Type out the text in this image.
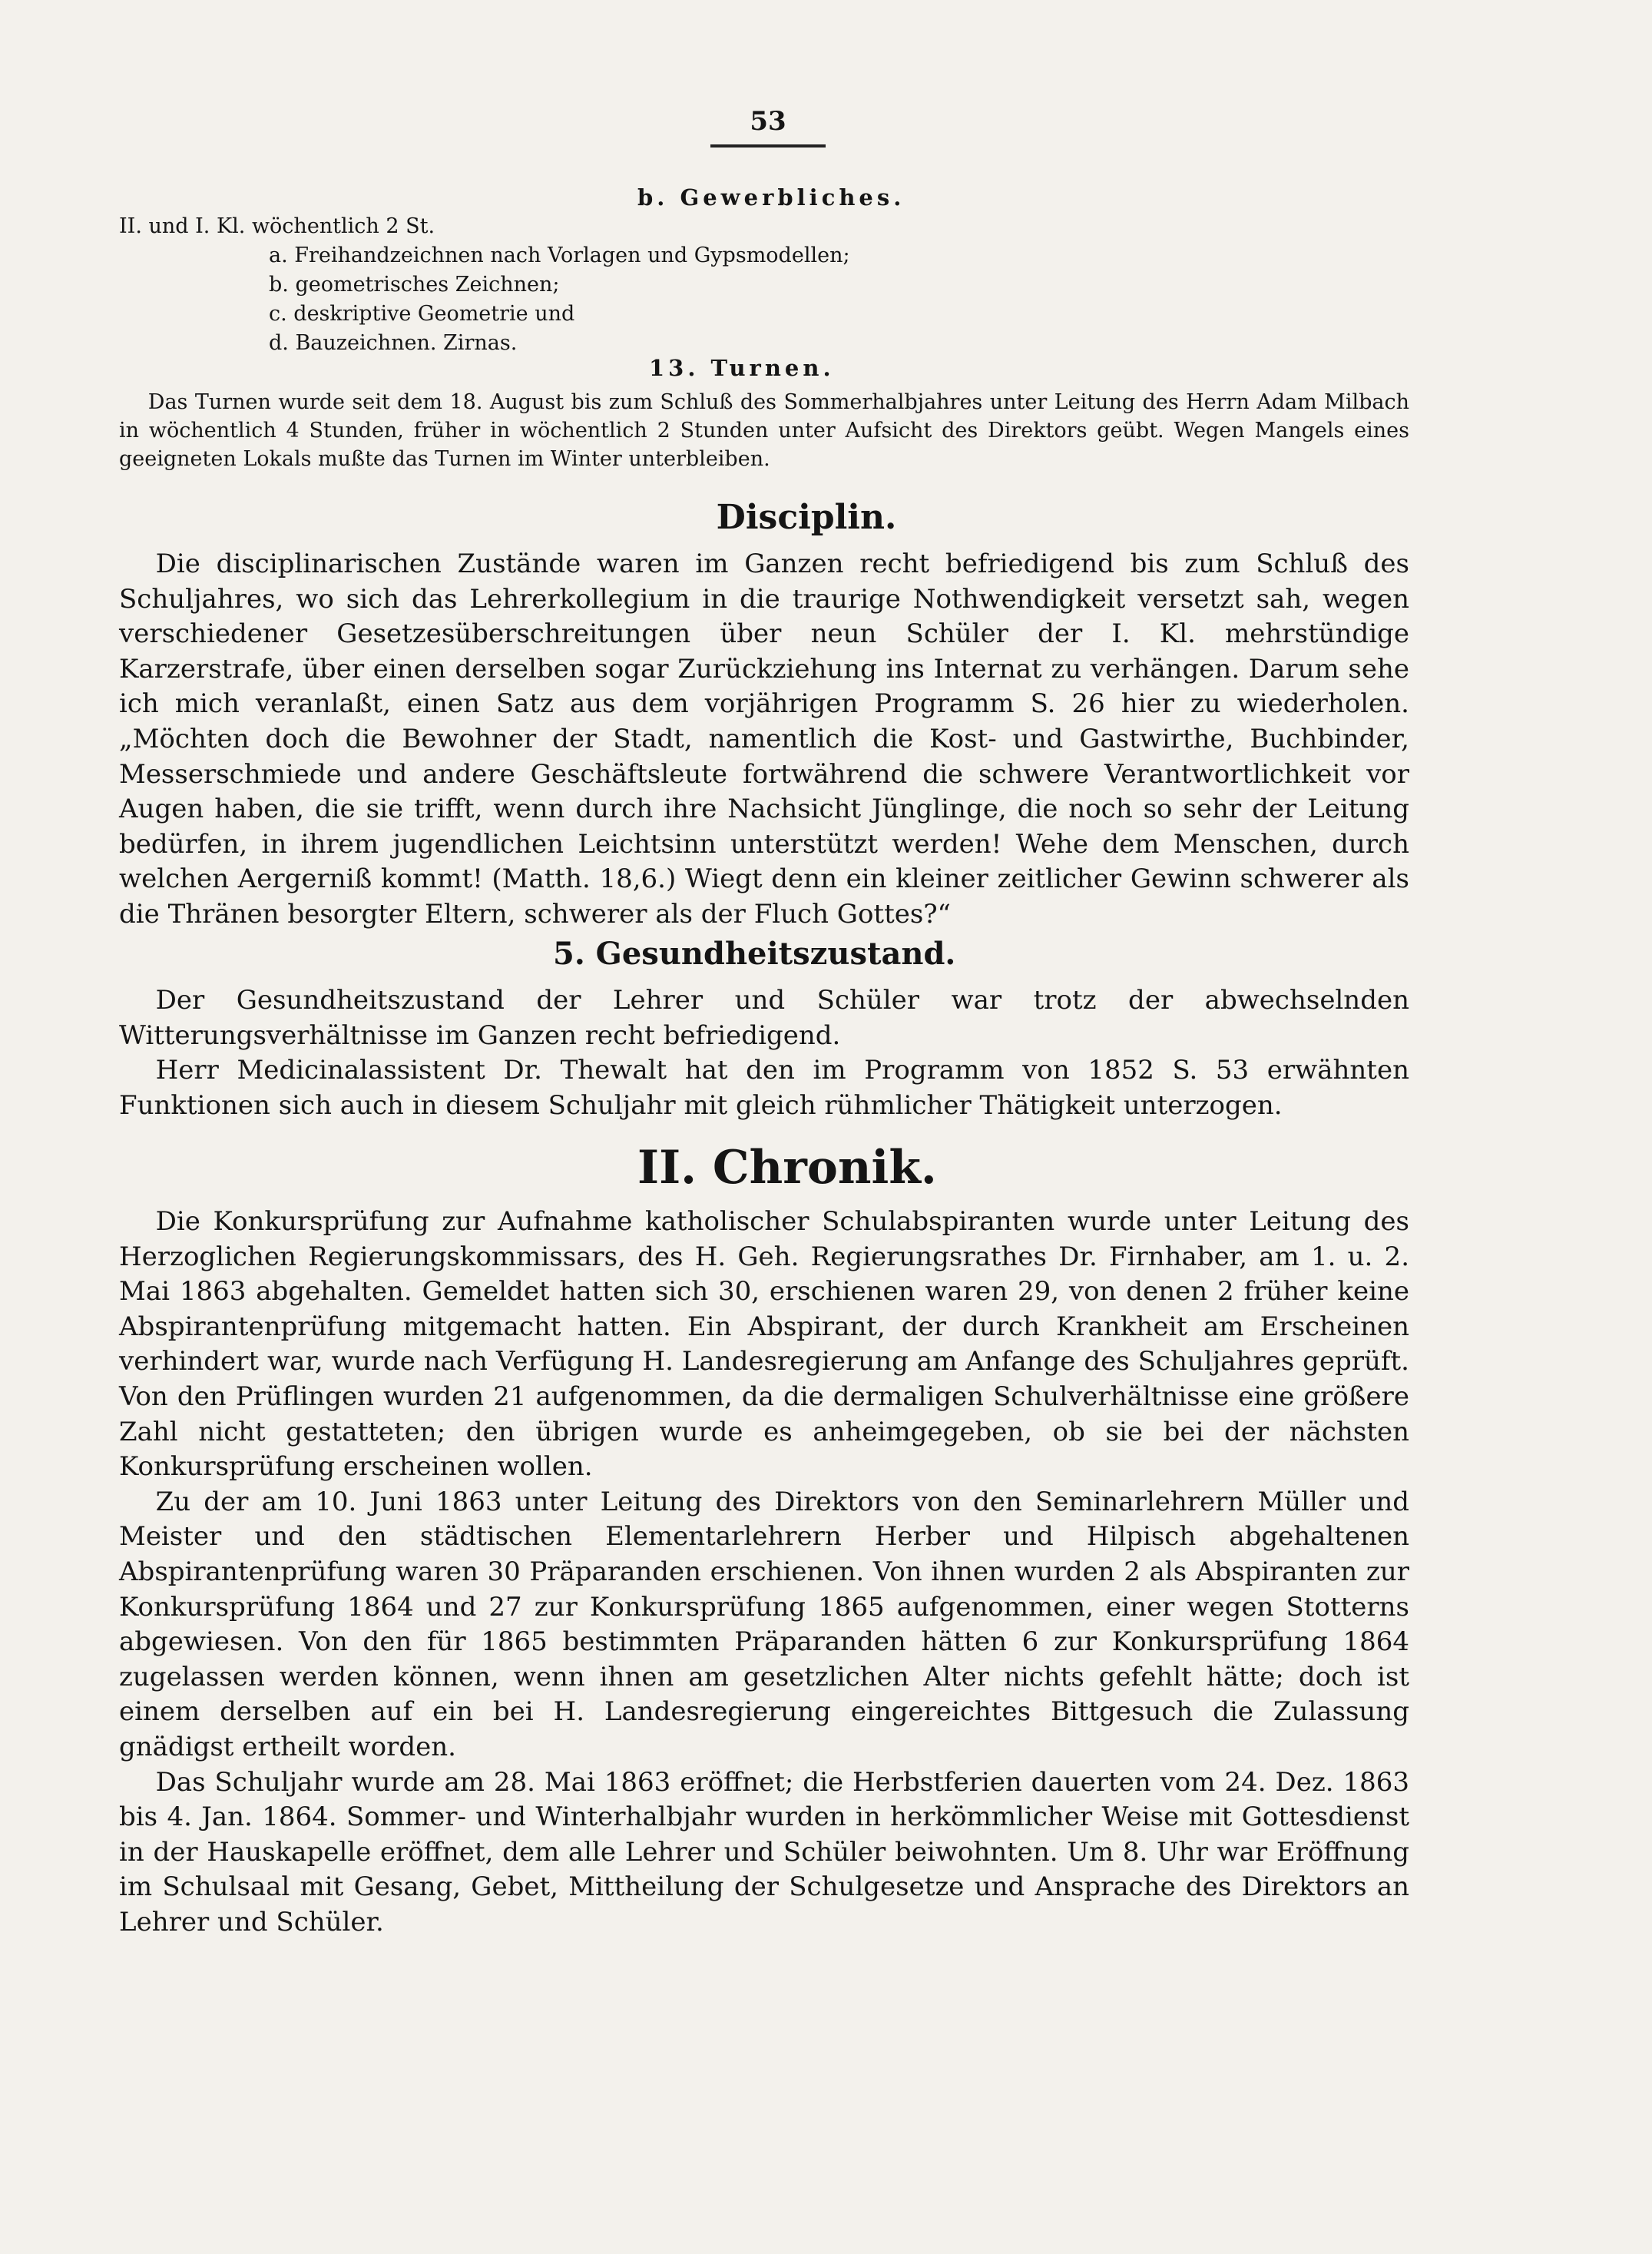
53
b. Gewerbliches.
II. und I. Kl. wöchentlich 2 St.
a. Freihandzeichnen nach Vorlagen und Gypsmodellen;
b. geometrisches Zeichnen;
c. deskriptive Geometrie und
d. Bauzeichnen. Zirnas.
13. Turnen.

Das Turnen wurde seit dem 18. August bis zum Schluß des Sommerhalbjahres unter Leitung des Herrn Adam Milbach in wöchentlich 4 Stunden, früher in wöchentlich 2 Stunden unter Aufsicht des Direktors geübt. Wegen Mangels eines geeigneten Lokals mußte das Turnen im Winter unterbleiben.

Disciplin.

Die disciplinarischen Zustände waren im Ganzen recht befriedigend bis zum Schluß des Schuljahres, wo sich das Lehrerkollegium in die traurige Nothwendigkeit versetzt sah, wegen verschiedener Gesetzesüberschreitungen über neun Schüler der I. Kl. mehrstündige Karzerstrafe, über einen derselben sogar Zurückziehung ins Internat zu verhängen. Darum sehe ich mich veranlaßt, einen Satz aus dem vorjährigen Programm S. 26 hier zu wiederholen. „Möchten doch die Bewohner der Stadt, namentlich die Kost- und Gastwirthe, Buchbinder, Messerschmiede und andere Geschäftsleute fortwährend die schwere Verantwortlichkeit vor Augen haben, die sie trifft, wenn durch ihre Nachsicht Jünglinge, die noch so sehr der Leitung bedürfen, in ihrem jugendlichen Leichtsinn unterstützt werden! Wehe dem Menschen, durch welchen Aergerniß kommt! (Matth. 18,6.) Wiegt denn ein kleiner zeitlicher Gewinn schwerer als die Thränen besorgter Eltern, schwerer als der Fluch Gottes?“

5. Gesundheitszustand.

Der Gesundheitszustand der Lehrer und Schüler war trotz der abwechselnden Witterungsverhältnisse im Ganzen recht befriedigend.

Herr Medicinalassistent Dr. Thewalt hat den im Programm von 1852 S. 53 erwähnten Funktionen sich auch in diesem Schuljahr mit gleich rühmlicher Thätigkeit unterzogen.

II. Chronik.

Die Konkursprüfung zur Aufnahme katholischer Schulabspiranten wurde unter Leitung des Herzoglichen Regierungskommissars, des H. Geh. Regierungsrathes Dr. Firnhaber, am 1. u. 2. Mai 1863 abgehalten. Gemeldet hatten sich 30, erschienen waren 29, von denen 2 früher keine Abspirantenprüfung mitgemacht hatten. Ein Abspirant, der durch Krankheit am Erscheinen verhindert war, wurde nach Verfügung H. Landesregierung am Anfange des Schuljahres geprüft. Von den Prüflingen wurden 21 aufgenommen, da die dermaligen Schulverhältnisse eine größere Zahl nicht gestatteten; den übrigen wurde es anheimgegeben, ob sie bei der nächsten Konkursprüfung erscheinen wollen.

Zu der am 10. Juni 1863 unter Leitung des Direktors von den Seminarlehrern Müller und Meister und den städtischen Elementarlehrern Herber und Hilpisch abgehaltenen Abspirantenprüfung waren 30 Präparanden erschienen. Von ihnen wurden 2 als Abspiranten zur Konkursprüfung 1864 und 27 zur Konkursprüfung 1865 aufgenommen, einer wegen Stotterns abgewiesen. Von den für 1865 bestimmten Präparanden hätten 6 zur Konkursprüfung 1864 zugelassen werden können, wenn ihnen am gesetzlichen Alter nichts gefehlt hätte; doch ist einem derselben auf ein bei H. Landesregierung eingereichtes Bittgesuch die Zulassung gnädigst ertheilt worden.

Das Schuljahr wurde am 28. Mai 1863 eröffnet; die Herbstferien dauerten vom 24. Dez. 1863 bis 4. Jan. 1864. Sommer- und Winterhalbjahr wurden in herkömmlicher Weise mit Gottesdienst in der Hauskapelle eröffnet, dem alle Lehrer und Schüler beiwohnten. Um 8. Uhr war Eröffnung im Schulsaal mit Gesang, Gebet, Mittheilung der Schulgesetze und Ansprache des Direktors an Lehrer und Schüler.
